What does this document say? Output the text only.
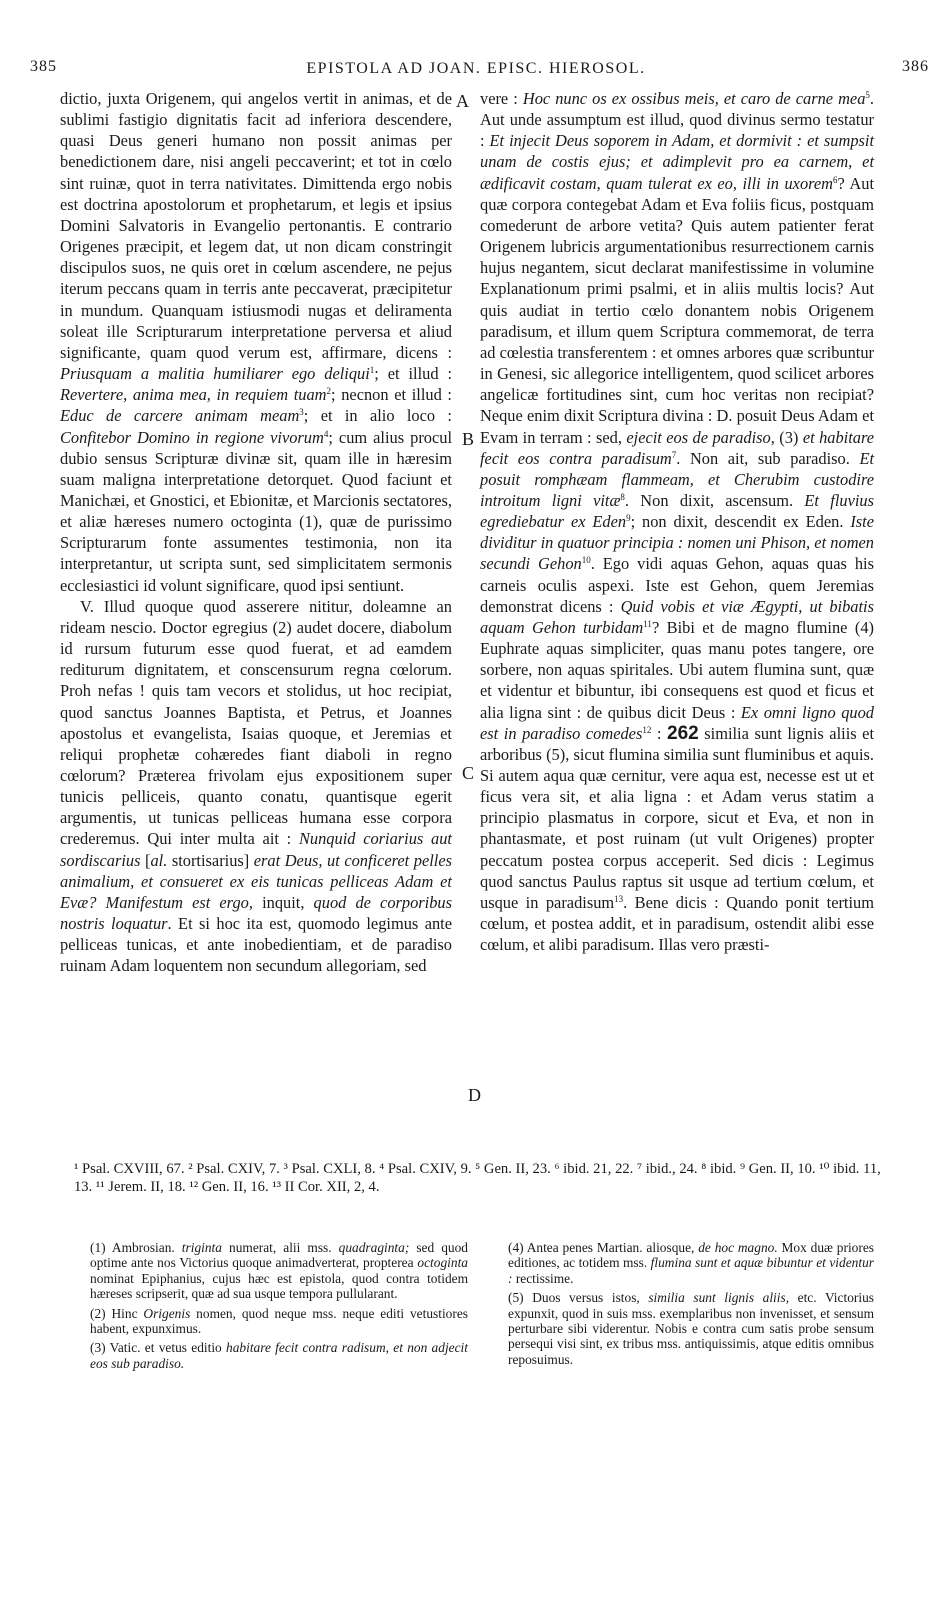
385	EPISTOLA AD JOAN. EPISC. HIEROSOL.	386
A
B
C
D

dictio, juxta Origenem, qui angelos vertit in animas, et de sublimi fastigio dignitatis facit ad inferiora descendere, quasi Deus generi humano non possit animas per benedictionem dare, nisi angeli peccaverint; et tot in cœlo sint ruinæ, quot in terra nativitates. Dimittenda ergo nobis est doctrina apostolorum et prophetarum, et legis et ipsius Domini Salvatoris in Evangelio pertonantis. E contrario Origenes præcipit, et legem dat, ut non dicam constringit discipulos suos, ne quis oret in cœlum ascendere, ne pejus iterum peccans quam in terris ante peccaverat, præcipitetur in mundum. Quanquam istiusmodi nugas et deliramenta soleat ille Scripturarum interpretatione perversa et aliud significante, quam quod verum est, affirmare, dicens : Priusquam a malitia humiliarer ego deliqui$^1$; et illud : Revertere, anima mea, in requiem tuam$^2$; necnon et illud : Educ de carcere animam meam$^3$; et in alio loco : Confitebor Domino in regione vivorum$^4$; cum alius procul dubio sensus Scripturæ divinæ sit, quam ille in hæresim suam maligna interpretatione detorquet. Quod faciunt et Manichæi, et Gnostici, et Ebionitæ, et Marcionis sectatores, et aliæ hæreses numero octoginta (1), quæ de purissimo Scripturarum fonte assumentes testimonia, non ita interpretantur, ut scripta sunt, sed simplicitatem sermonis ecclesiastici id volunt significare, quod ipsi sentiunt.

V. Illud quoque quod asserere nititur, doleamne an rideam nescio. Doctor egregius (2) audet docere, diabolum id rursum futurum esse quod fuerat, et ad eamdem rediturum dignitatem, et conscensurum regna cœlorum. Proh nefas ! quis tam vecors et stolidus, ut hoc recipiat, quod sanctus Joannes Baptista, et Petrus, et Joannes apostolus et evangelista, Isaias quoque, et Jeremias et reliqui prophetæ cohæredes fiant diaboli in regno cœlorum? Præterea frivolam ejus expositionem super tunicis pelliceis, quanto conatu, quantisque egerit argumentis, ut tunicas pelliceas humana esse corpora crederemus. Qui inter multa ait : Nunquid coriarius aut sordiscarius [al. stortisarius] erat Deus, ut conficeret pelles animalium, et consueret ex eis tunicas pelliceas Adam et Evæ? Manifestum est ergo, inquit, quod de corporibus nostris loquatur. Et si hoc ita est, quomodo legimus ante pelliceas tunicas, et ante inobedientiam, et de paradiso ruinam Adam loquentem non secundum allegoriam, sed

vere : Hoc nunc os ex ossibus meis, et caro de carne mea$^5$. Aut unde assumptum est illud, quod divinus sermo testatur : Et injecit Deus soporem in Adam, et dormivit : et sumpsit unam de costis ejus; et adimplevit pro ea carnem, et ædificavit costam, quam tulerat ex eo, illi in uxorem$^6$? Aut quæ corpora contegebat Adam et Eva foliis ficus, postquam comederunt de arbore vetita? Quis autem patienter ferat Origenem lubricis argumentationibus resurrectionem carnis hujus negantem, sicut declarat manifestissime in volumine Explanationum primi psalmi, et in aliis multis locis? Aut quis audiat in tertio cœlo donantem nobis Origenem paradisum, et illum quem Scriptura commemorat, de terra ad cœlestia transferentem : et omnes arbores quæ scribuntur in Genesi, sic allegorice intelligentem, quod scilicet arbores angelicæ fortitudines sint, cum hoc veritas non recipiat? Neque enim dixit Scriptura divina : D. posuit Deus Adam et Evam in terram : sed, ejecit eos de paradiso, (3) et habitare fecit eos contra paradisum$^7$. Non ait, sub paradiso. Et posuit romphæam flammeam, et Cherubim custodire introitum ligni vitæ$^8$. Non dixit, ascensum. Et fluvius egrediebatur ex Eden$^9$; non dixit, descendit ex Eden. Iste dividitur in quatuor principia : nomen uni Phison, et nomen secundi Gehon$^{10}$. Ego vidi aquas Gehon, aquas quas his carneis oculis aspexi. Iste est Gehon, quem Jeremias demonstrat dicens : Quid vobis et viæ Ægypti, ut bibatis aquam Gehon turbidam$^{11}$? Bibi et de magno flumine (4) Euphrate aquas simpliciter, quas manu potes tangere, ore sorbere, non aquas spiritales. Ubi autem flumina sunt, quæ et videntur et bibuntur, ibi consequens est quod et ficus et alia ligna sint : de quibus dicit Deus : Ex omni ligno quod est in paradiso comedes$^{12}$ : 262 similia sunt lignis aliis et arboribus (5), sicut flumina similia sunt fluminibus et aquis. Si autem aqua quæ cernitur, vere aqua est, necesse est ut et ficus vera sit, et alia ligna : et Adam verus statim a principio plasmatus in corpore, sicut et Eva, et non in phantasmate, et post ruinam (ut vult Origenes) propter peccatum postea corpus acceperit. Sed dicis : Legimus quod sanctus Paulus raptus sit usque ad tertium cœlum, et usque in paradisum$^{13}$. Bene dicis : Quando ponit tertium cœlum, et postea addit, et in paradisum, ostendit alibi esse cœlum, et alibi paradisum. Illas vero præsti-

¹ Psal. CXVIII, 67. ² Psal. CXIV, 7. ³ Psal. CXLI, 8. ⁴ Psal. CXIV, 9. ⁵ Gen. II, 23. ⁶ ibid. 21, 22. ⁷ ibid., 24. ⁸ ibid. ⁹ Gen. II, 10. ¹⁰ ibid. 11, 13. ¹¹ Jerem. II, 18. ¹² Gen. II, 16. ¹³ II Cor. XII, 2, 4.

(1) Ambrosian. triginta numerat, alii mss. quadraginta; sed quod optime ante nos Victorius quoque animadverterat, propterea octoginta nominat Epiphanius, cujus hæc est epistola, quod contra totidem hæreses scripserit, quæ ad sua usque tempora pullularant.

(2) Hinc Origenis nomen, quod neque mss. neque editi vetustiores habent, expunximus.

(3) Vatic. et vetus editio habitare fecit contra radisum, et non adjecit eos sub paradiso.

(4) Antea penes Martian. aliosque, de hoc magno. Mox duæ priores editiones, ac totidem mss. flumina sunt et aquæ bibuntur et videntur : rectissime.

(5) Duos versus istos, similia sunt lignis aliis, etc. Victorius expunxit, quod in suis mss. exemplaribus non invenisset, et sensum perturbare sibi viderentur. Nobis e contra cum satis probe sensum persequi visi sint, ex tribus mss. antiquissimis, atque editis omnibus reposuimus.
